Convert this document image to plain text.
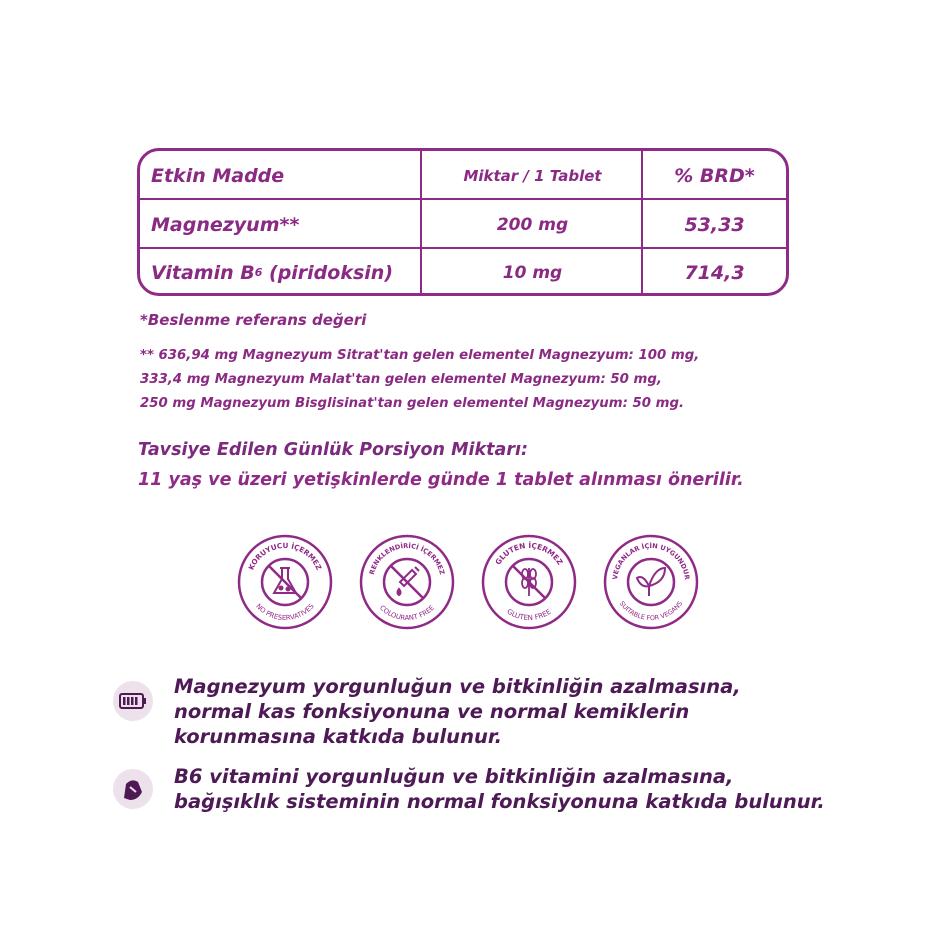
Etkin Madde	Miktar / 1 Tablet	% BRD*
Magnezyum**	200 mg	53,33
Vitamin B 6 (piridoksin)	10 mg	714,3
*Beslenme referans değeri
** 636,94 mg Magnezyum Sitrat'tan gelen elementel Magnezyum: 100 mg,
333,4 mg Magnezyum Malat'tan gelen elementel Magnezyum: 50 mg,
250 mg Magnezyum Bisglisinat'tan gelen elementel Magnezyum: 50 mg.
Tavsiye Edilen Günlük Porsiyon Miktarı:
11 yaş ve üzeri yetişkinlerde günde 1 tablet alınması önerilir.
KORUYUCU İÇERMEZ
NO PRESERVATIVES
RENKLENDİRİCİ İÇERMEZ
COLOURANT FREE
GLUTEN İÇERMEZ
GLUTEN FREE
VEGANLAR İÇİN UYGUNDUR
SUITABLE FOR VEGANS
Magnezyum yorgunluğun ve bitkinliğin azalmasına,
normal kas fonksiyonuna ve normal kemiklerin
korunmasına katkıda bulunur.
B6 vitamini yorgunluğun ve bitkinliğin azalmasına,
bağışıklık sisteminin normal fonksiyonuna katkıda bulunur.
